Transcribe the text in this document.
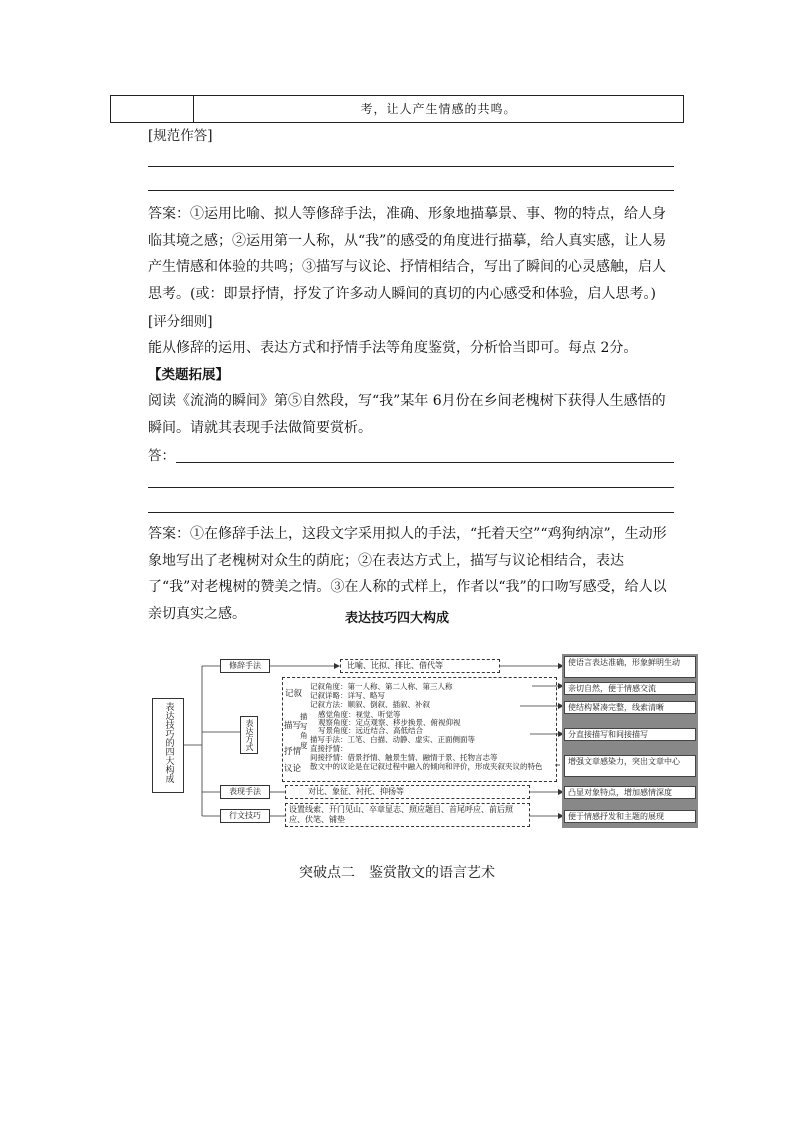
考，让人产生情感的共鸣。
[规范作答]
答案：①运用比喻、拟人等修辞手法，准确、形象地描摹景、事、物的特点，给人身临其境之感；②运用第一人称，从“我”的感受的角度进行描摹，给人真实感，让人易产生情感和体验的共鸣；③描写与议论、抒情相结合，写出了瞬间的心灵感触，启人思考。(或：即景抒情，抒发了许多动人瞬间的真切的内心感受和体验，启人思考。)
[评分细则]
能从修辞的运用、表达方式和抒情手法等角度鉴赏，分析恰当即可。每点 2分。
【类题拓展】
阅读《流淌的瞬间》第⑤自然段，写“我”某年 6月份在乡间老槐树下获得人生感悟的瞬间。请就其表现手法做简要赏析。
答：
答案：①在修辞手法上，这段文字采用拟人的手法，“托着天空”“鸡狗纳凉”，生动形象地写出了老槐树对众生的荫庇；②在表达方式上，描写与议论相结合，表达了“我”对老槐树的赞美之情。③在人称的式样上，作者以“我”的口吻写感受，给人以亲切真实之感。	表达技巧四大构成
表达技巧的四大构成
修辞手法	比喻、比拟、排比、借代等
表达方式
记叙
记叙角度：第一人称、第二人称、第三人称
记叙详略：详写、略写
记叙方法：顺叙、倒叙、插叙、补叙
描写
描写角度
感觉角度：视觉、听觉等
观察角度：定点观察、移步换景、俯视仰视
写景角度：远近结合、高低结合
描写手法：工笔、白描、动静、虚实、正面侧面等
抒情 直接抒情：
间接抒情：借景抒情、触景生情、融情于景、托物言志等
议论 散文中的议论是在记叙过程中融入的倾向和评价，形成夹叙夹议的特色
表现手法	对比、象征、衬托、抑扬等
行文技巧
设置线索、开门见山、卒章显志、照应题目、首尾呼应、前后照应、伏笔、铺垫
使语言表达准确，形象鲜明生动
亲切自然，便于情感交流
使结构紧凑完整，线索清晰
分直接描写和间接描写
增强文章感染力，突出文章中心
凸显对象特点，增加感情深度
便于情感抒发和主题的展现
突破点二　鉴赏散文的语言艺术
